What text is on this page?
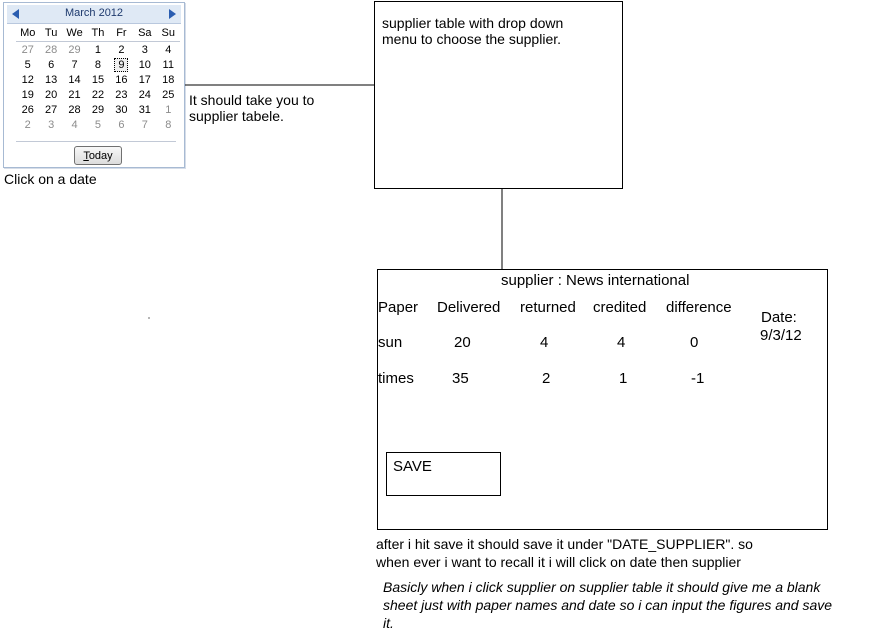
March 2012
Mo	Tu	We	Th	Fr	Sa	Su
27	28	29	1	2	3	4
5	6	7	8	9	10	11
12	13	14	15	16	17	18
19	20	21	22	23	24	25
26	27	28	29	30	31	1
2	3	4	5	6	7	8
Today
Click on a date
It should take you to
supplier tabele.
supplier table with drop down
menu to choose the supplier.
supplier : News international
Paper Delivered returned credited difference
sun	20	4	4	0
times	35	2	1	-1
Date:
9/3/12
SAVE
after i hit save it should save it under "DATE_SUPPLIER". so
when ever i want to recall it i will click on date then supplier
Basicly when i click supplier on supplier table it should give me a blank
sheet just with paper names and date so i can input the figures and save
it.
